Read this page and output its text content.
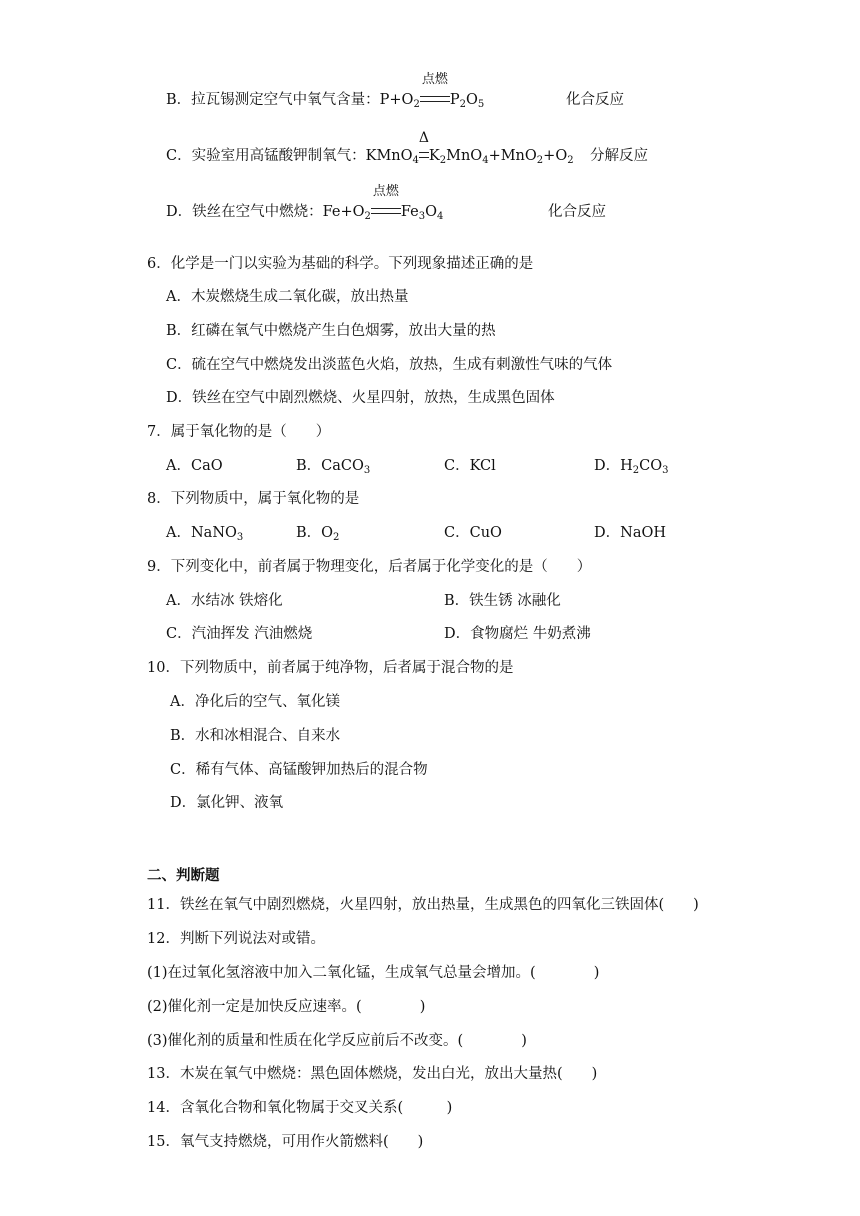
B．拉瓦锡测定空气中氧气含量：$P+O_2$
点燃
$P_2O_5$	化合反应
C．实验室用高锰酸钾制氧气：KMnO$_4$
Δ
$K_2MnO_4+MnO_2+O_2$ 分解反应
D．铁丝在空气中燃烧：$Fe+O_2$
点燃
$Fe_3O_4$	化合反应
6．化学是一门以实验为基础的科学。下列现象描述正确的是
A．木炭燃烧生成二氧化碳，放出热量
B．红磷在氧气中燃烧产生白色烟雾，放出大量的热
C．硫在空气中燃烧发出淡蓝色火焰，放热，生成有刺激性气味的气体
D．铁丝在空气中剧烈燃烧、火星四射，放热，生成黑色固体
7．属于氧化物的是（　　）
A．CaO	B．CaCO$_3$	C．KCl	D．$H_2CO_3$
8．下列物质中，属于氧化物的是
A．NaNO$_3$	B．$O_2$	C．CuO	D．NaOH
9．下列变化中，前者属于物理变化，后者属于化学变化的是（　　）
A．水结冰 铁熔化	B．铁生锈 冰融化
C．汽油挥发 汽油燃烧	D．食物腐烂 牛奶煮沸
10．下列物质中，前者属于纯净物，后者属于混合物的是
A．净化后的空气、氧化镁
B．水和冰相混合、自来水
C．稀有气体、高锰酸钾加热后的混合物
D．氯化钾、液氧
二、判断题
11．铁丝在氧气中剧烈燃烧，火星四射，放出热量，生成黑色的四氧化三铁固体(　　)
12．判断下列说法对或错。
(1)在过氧化氢溶液中加入二氧化锰，生成氧气总量会增加。(　　　　)
(2)催化剂一定是加快反应速率。(　　　　)
(3)催化剂的质量和性质在化学反应前后不改变。(　　　　)
13．木炭在氧气中燃烧：黑色固体燃烧，发出白光，放出大量热(　　)
14．含氧化合物和氧化物属于交叉关系(　　　)
15．氧气支持燃烧，可用作火箭燃料(　　)
